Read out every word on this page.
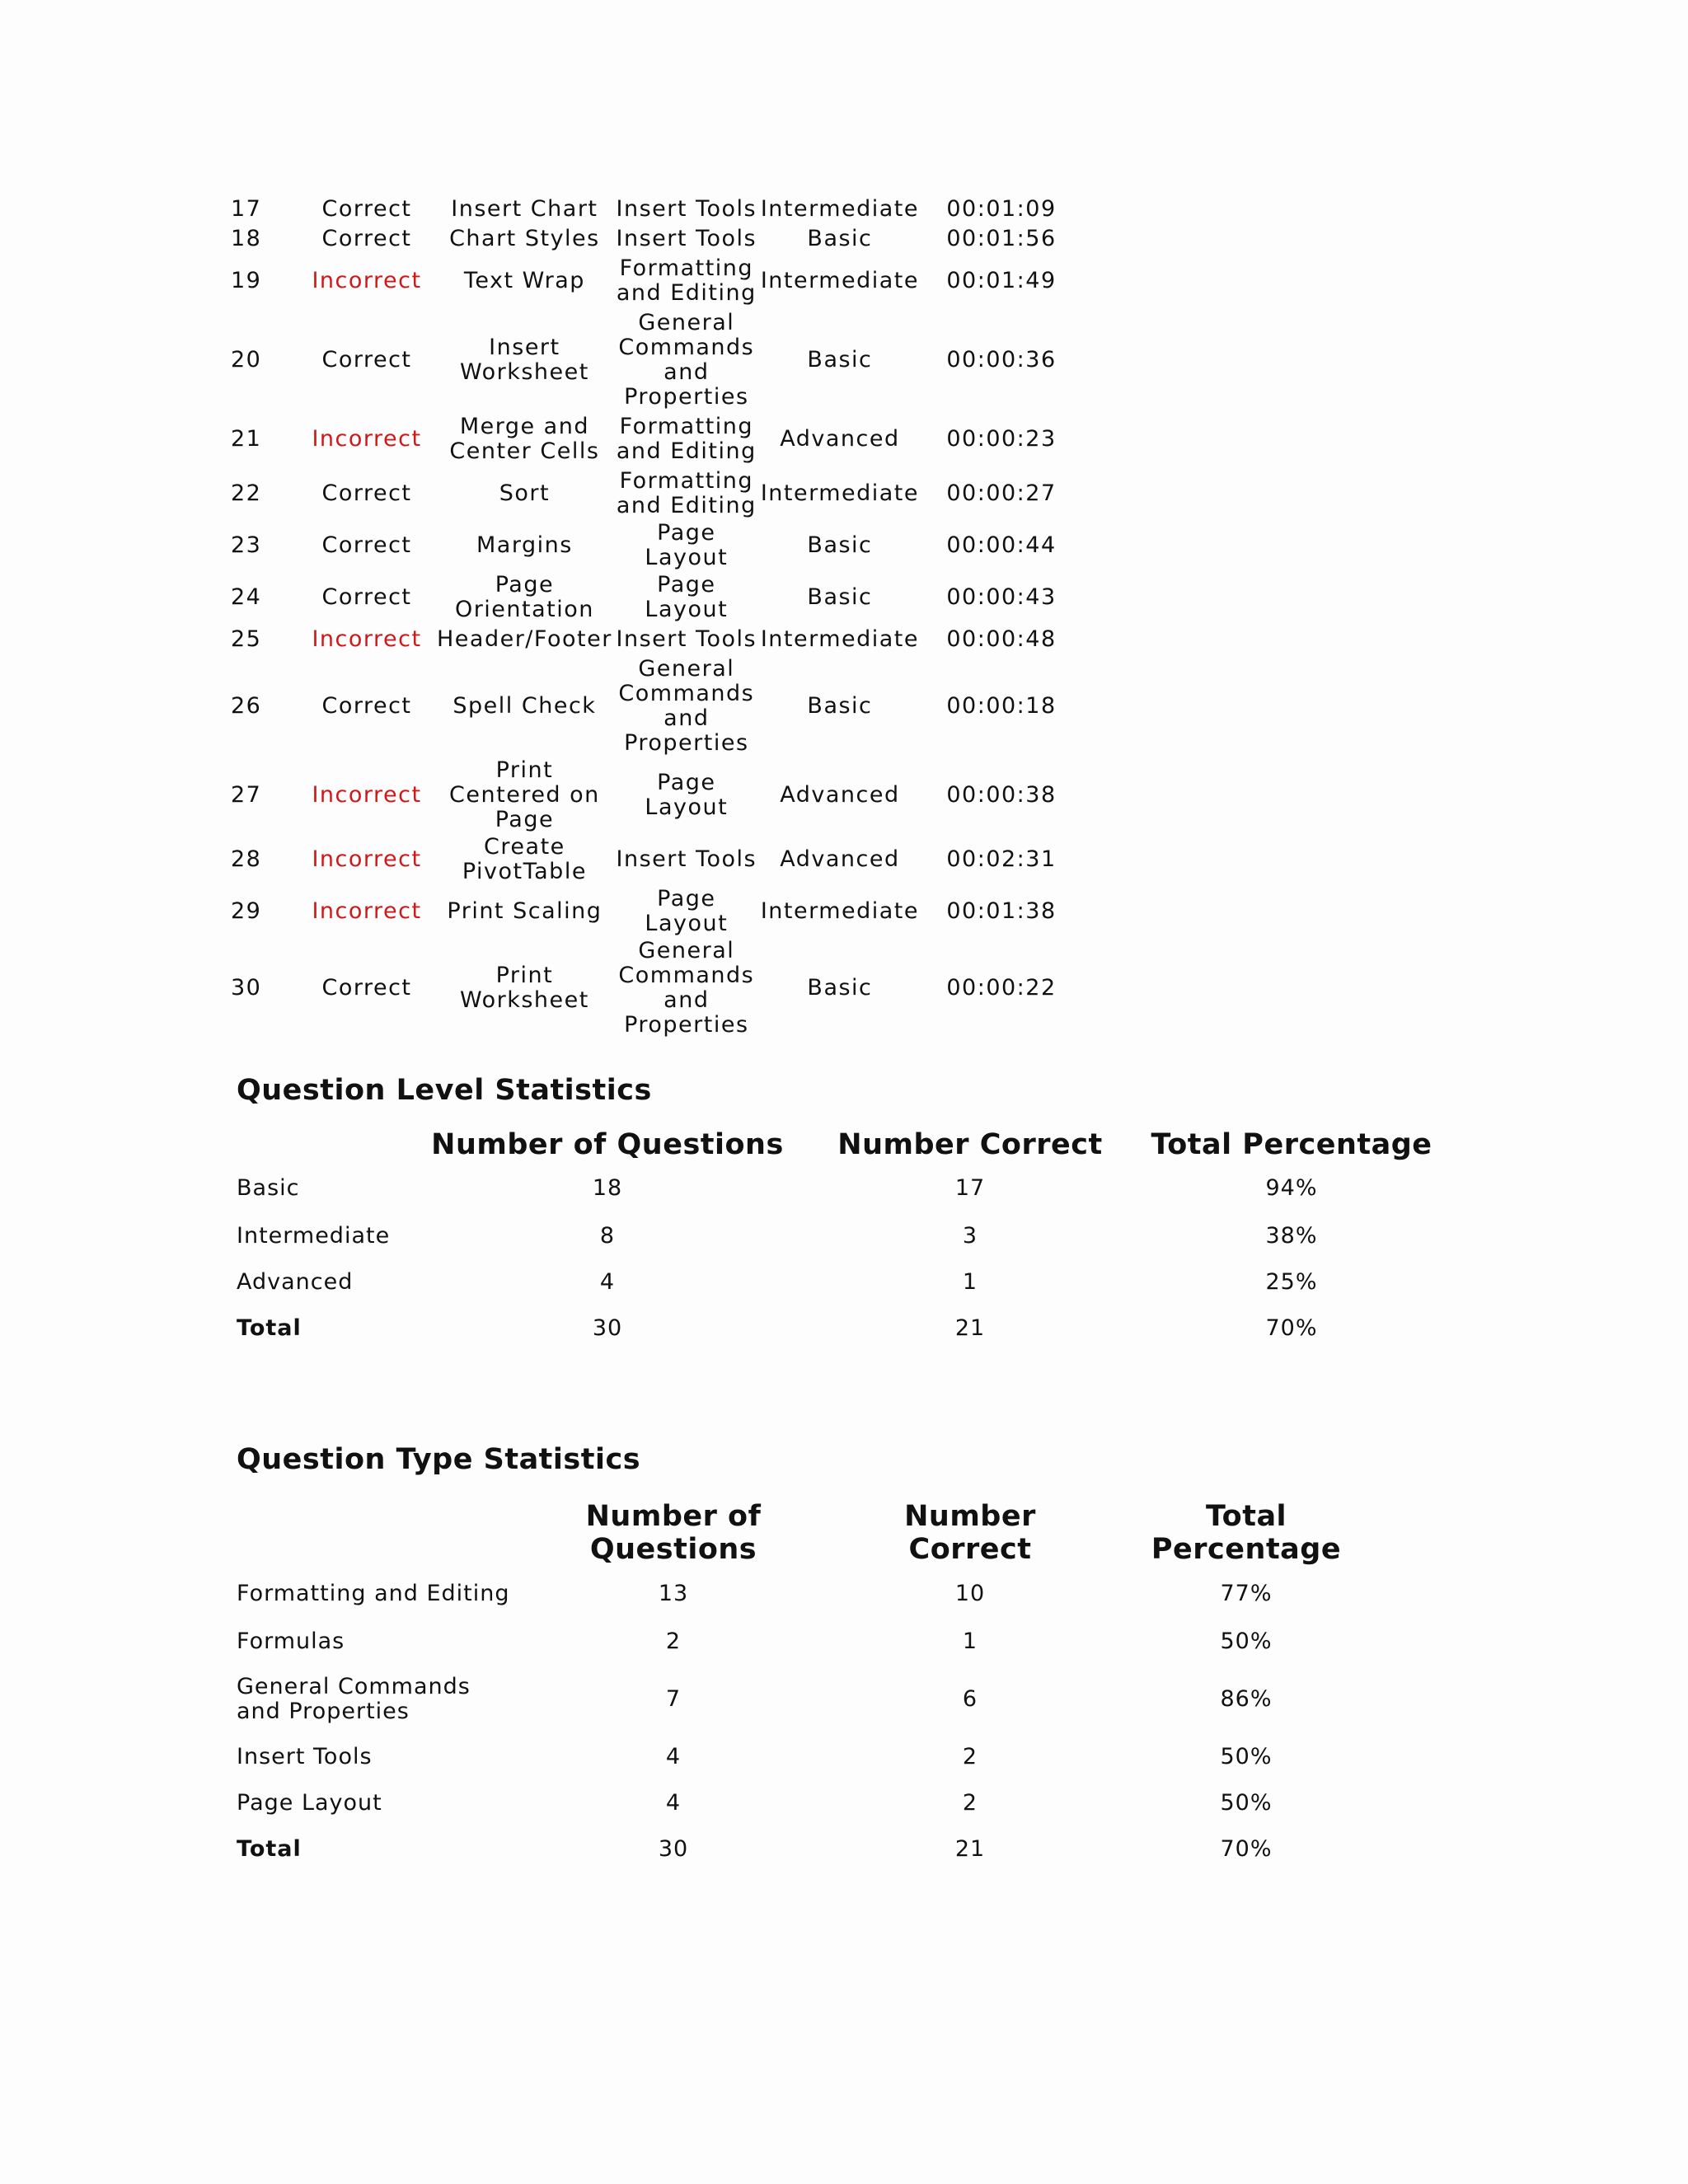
17	Correct	Insert Chart	Insert Tools	Intermediate	00:01:09
18	Correct	Chart Styles	Insert Tools	Basic	00:01:56
19	Incorrect	Text Wrap	Formatting and Editing	Intermediate	00:01:49
20	Correct	Insert Worksheet	General Commands and Properties	Basic	00:00:36
21	Incorrect	Merge and Center Cells	Formatting and Editing	Advanced	00:00:23
22	Correct	Sort	Formatting and Editing	Intermediate	00:00:27
23	Correct	Margins	Page Layout	Basic	00:00:44
24	Correct	Page Orientation	Page Layout	Basic	00:00:43
25	Incorrect	Header/Footer	Insert Tools	Intermediate	00:00:48
26	Correct	Spell Check	General Commands and Properties	Basic	00:00:18
27	Incorrect	Print Centered on Page	Page Layout	Advanced	00:00:38
28	Incorrect	Create PivotTable	Insert Tools	Advanced	00:02:31
29	Incorrect	Print Scaling	Page Layout	Intermediate	00:01:38
30	Correct	Print Worksheet	General Commands and Properties	Basic	00:00:22
Question Level Statistics
	Number of Questions	Number Correct	Total Percentage
Basic	18	17	94%
Intermediate	8	3	38%
Advanced	4	1	25%
Total	30	21	70%
Question Type Statistics
	Number of Questions	Number Correct	Total Percentage
Formatting and Editing	13	10	77%
Formulas	2	1	50%
General Commands and Properties	7	6	86%
Insert Tools	4	2	50%
Page Layout	4	2	50%
Total	30	21	70%
